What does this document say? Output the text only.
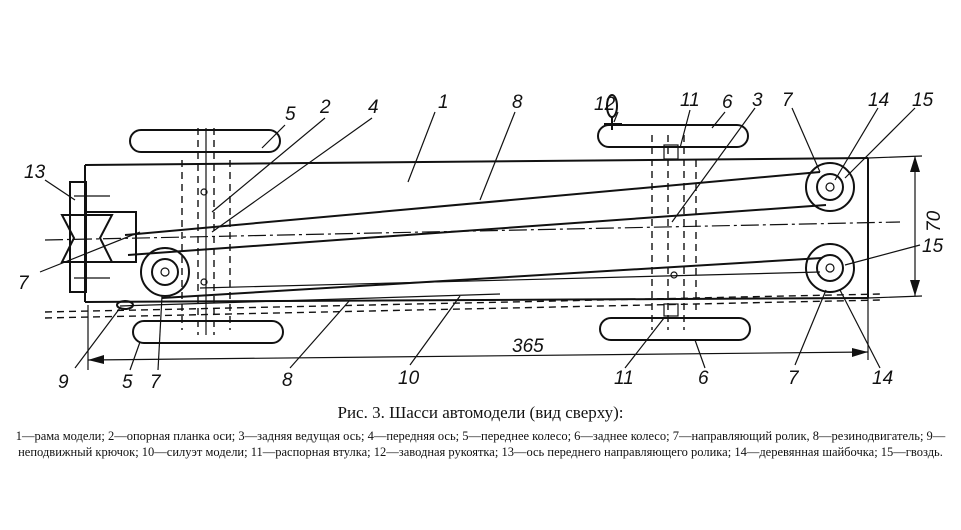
1
2	3
4
5
5
6
6
7
7
7	7
8
8
9	10
11
11
12
13
14
14
15
15
365
70
Рис. 3. Шасси автомодели (вид сверху):
1—рама модели; 2—опорная планка оси; 3—задняя ведущая ось; 4—передняя ось; 5—переднее колесо; 6—заднее колесо; 7—направляющий ролик, 8—резинодвигатель; 9—неподвижный крючок; 10—силуэт модели; 11—распорная втулка; 12—заводная рукоятка; 13—ось переднего направляющего ролика; 14—деревянная шайбочка; 15—гвоздь.
